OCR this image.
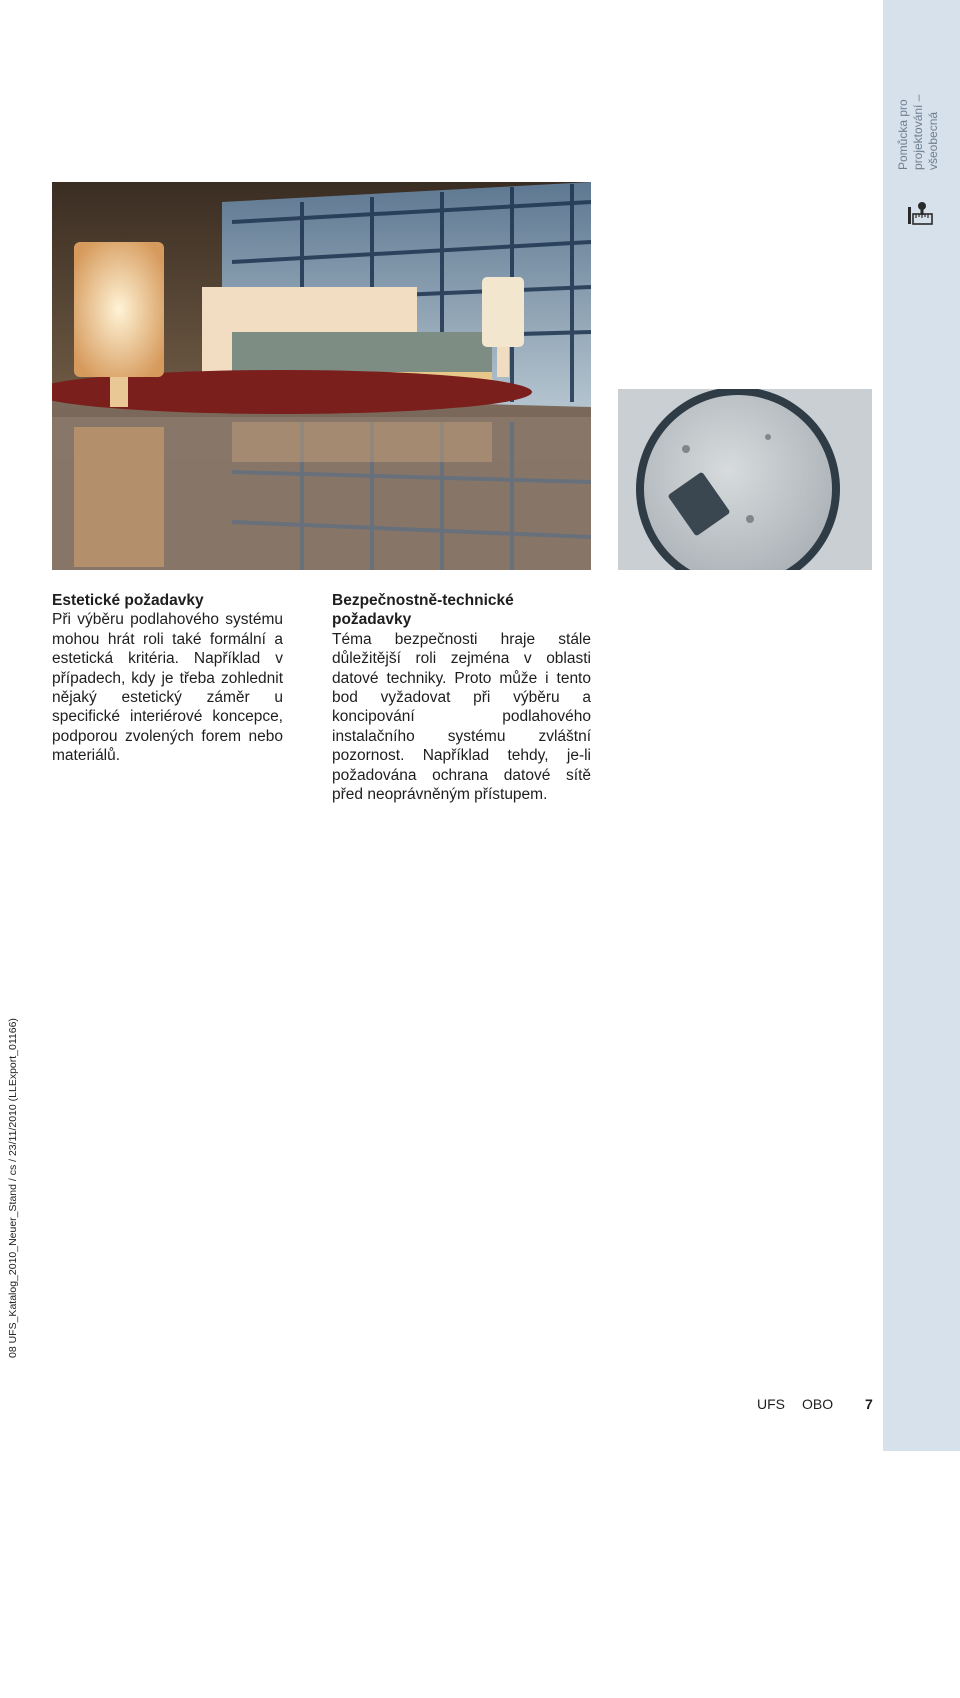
Pomůcka pro projektování – všeobecná
Estetické požadavky

Při výběru podlahového systému mohou hrát roli také formální a estetická kritéria. Například v případech, kdy je třeba zohlednit nějaký estetický záměr u specifické interiérové koncepce, podporou zvolených forem nebo materiálů.

Bezpečnostně-technické požadavky

Téma bezpečnosti hraje stále důležitější roli zejména v oblasti datové techniky. Proto může i tento bod vyžadovat při výběru a koncipování podlahového instalačního systému zvláštní pozornost. Například tehdy, je-li požadována ochrana datové sítě před neoprávněným přístupem.

UFS OBO 7
08 UFS_Katalog_2010_Neuer_Stand / cs / 23/11/2010 (LLExport_01166)
